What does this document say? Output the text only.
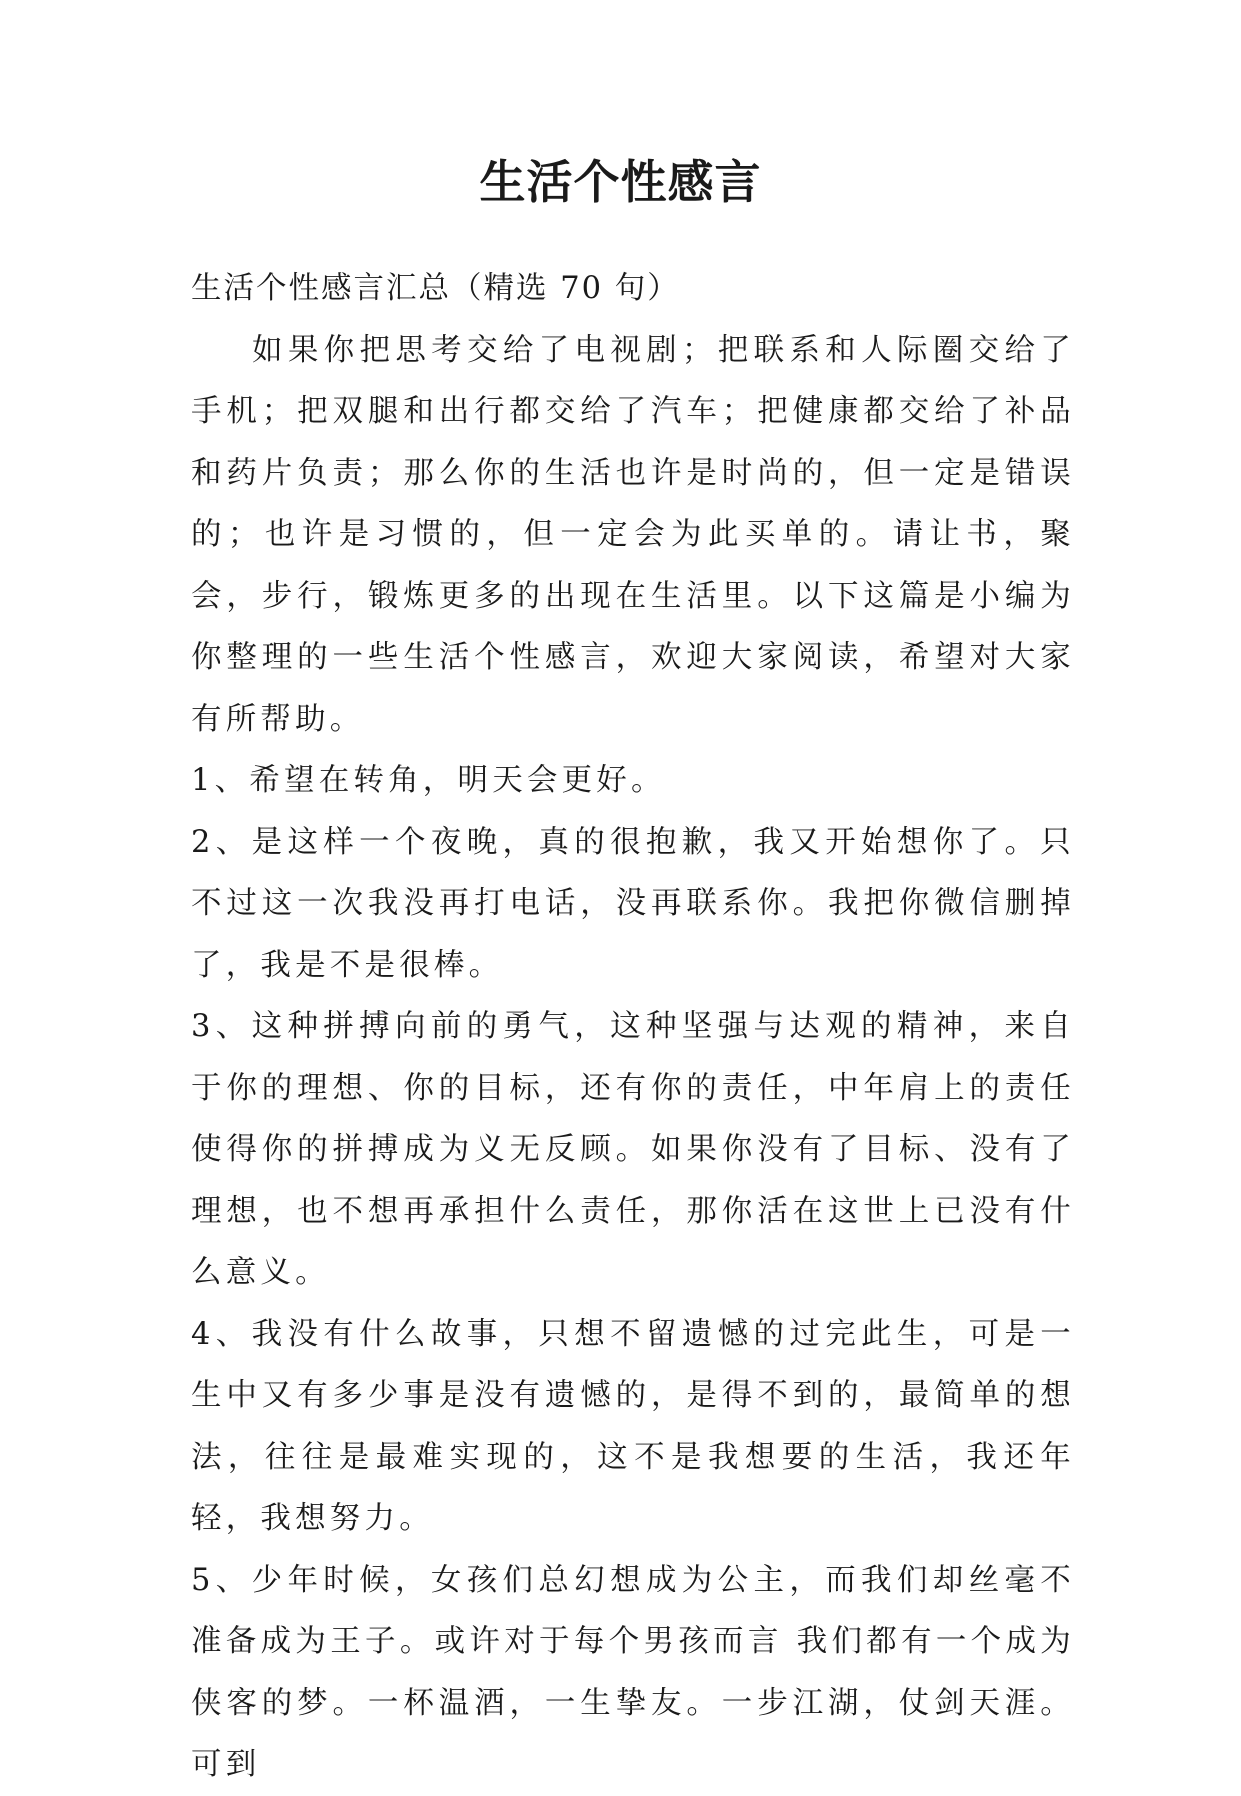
生活个性感言

生活个性感言汇总（精选 70 句）

如果你把思考交给了电视剧；把联系和人际圈交给了手机；把双腿和出行都交给了汽车；把健康都交给了补品和药片负责；那么你的生活也许是时尚的，但一定是错误的；也许是习惯的，但一定会为此买单的。请让书，聚会，步行，锻炼更多的出现在生活里。以下这篇是小编为你整理的一些生活个性感言，欢迎大家阅读，希望对大家有所帮助。

1、希望在转角，明天会更好。

2、是这样一个夜晚，真的很抱歉，我又开始想你了。只不过这一次我没再打电话，没再联系你。我把你微信删掉了，我是不是很棒。

3、这种拼搏向前的勇气，这种坚强与达观的精神，来自于你的理想、你的目标，还有你的责任，中年肩上的责任使得你的拼搏成为义无反顾。如果你没有了目标、没有了理想，也不想再承担什么责任，那你活在这世上已没有什么意义。

4、我没有什么故事，只想不留遗憾的过完此生，可是一生中又有多少事是没有遗憾的，是得不到的，最简单的想法，往往是最难实现的，这不是我想要的生活，我还年轻，我想努力。

5、少年时候，女孩们总幻想成为公主，而我们却丝毫不准备成为王子。或许对于每个男孩而言 我们都有一个成为侠客的梦。一杯温酒，一生挚友。一步江湖，仗剑天涯。可到
